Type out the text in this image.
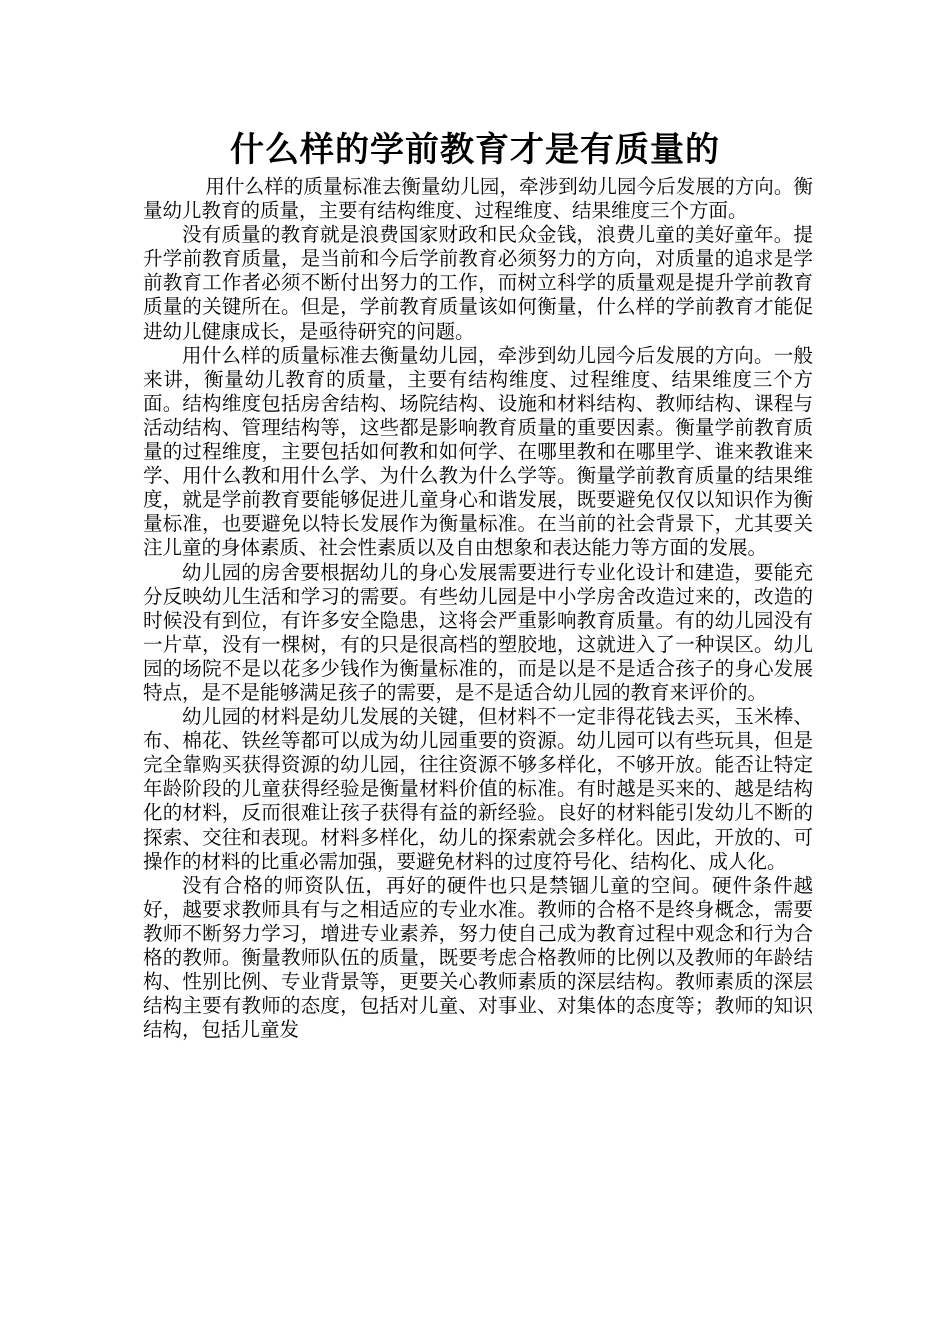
什么样的学前教育才是有质量的

用什么样的质量标准去衡量幼儿园，牵涉到幼儿园今后发展的方向。衡量幼儿教育的质量，主要有结构维度、过程维度、结果维度三个方面。

没有质量的教育就是浪费国家财政和民众金钱，浪费儿童的美好童年。提升学前教育质量，是当前和今后学前教育必须努力的方向，对质量的追求是学前教育工作者必须不断付出努力的工作，而树立科学的质量观是提升学前教育质量的关键所在。但是，学前教育质量该如何衡量，什么样的学前教育才能促进幼儿健康成长，是亟待研究的问题。

用什么样的质量标准去衡量幼儿园，牵涉到幼儿园今后发展的方向。一般来讲，衡量幼儿教育的质量，主要有结构维度、过程维度、结果维度三个方面。结构维度包括房舍结构、场院结构、设施和材料结构、教师结构、课程与活动结构、管理结构等，这些都是影响教育质量的重要因素。衡量学前教育质量的过程维度，主要包括如何教和如何学、在哪里教和在哪里学、谁来教谁来学、用什么教和用什么学、为什么教为什么学等。衡量学前教育质量的结果维度，就是学前教育要能够促进儿童身心和谐发展，既要避免仅仅以知识作为衡量标准，也要避免以特长发展作为衡量标准。在当前的社会背景下，尤其要关注儿童的身体素质、社会性素质以及自由想象和表达能力等方面的发展。

幼儿园的房舍要根据幼儿的身心发展需要进行专业化设计和建造，要能充分反映幼儿生活和学习的需要。有些幼儿园是中小学房舍改造过来的，改造的时候没有到位，有许多安全隐患，这将会严重影响教育质量。有的幼儿园没有一片草，没有一棵树，有的只是很高档的塑胶地，这就进入了一种误区。幼儿园的场院不是以花多少钱作为衡量标准的，而是以是不是适合孩子的身心发展特点，是不是能够满足孩子的需要，是不是适合幼儿园的教育来评价的。

幼儿园的材料是幼儿发展的关键，但材料不一定非得花钱去买，玉米棒、布、棉花、铁丝等都可以成为幼儿园重要的资源。幼儿园可以有些玩具，但是完全靠购买获得资源的幼儿园，往往资源不够多样化，不够开放。能否让特定年龄阶段的儿童获得经验是衡量材料价值的标准。有时越是买来的、越是结构化的材料，反而很难让孩子获得有益的新经验。良好的材料能引发幼儿不断的探索、交往和表现。材料多样化，幼儿的探索就会多样化。因此，开放的、可操作的材料的比重必需加强，要避免材料的过度符号化、结构化、成人化。

没有合格的师资队伍，再好的硬件也只是禁锢儿童的空间。硬件条件越好，越要求教师具有与之相适应的专业水准。教师的合格不是终身概念，需要教师不断努力学习，增进专业素养，努力使自己成为教育过程中观念和行为合格的教师。衡量教师队伍的质量，既要考虑合格教师的比例以及教师的年龄结构、性别比例、专业背景等，更要关心教师素质的深层结构。教师素质的深层结构主要有教师的态度，包括对儿童、对事业、对集体的态度等；教师的知识结构，包括儿童发
